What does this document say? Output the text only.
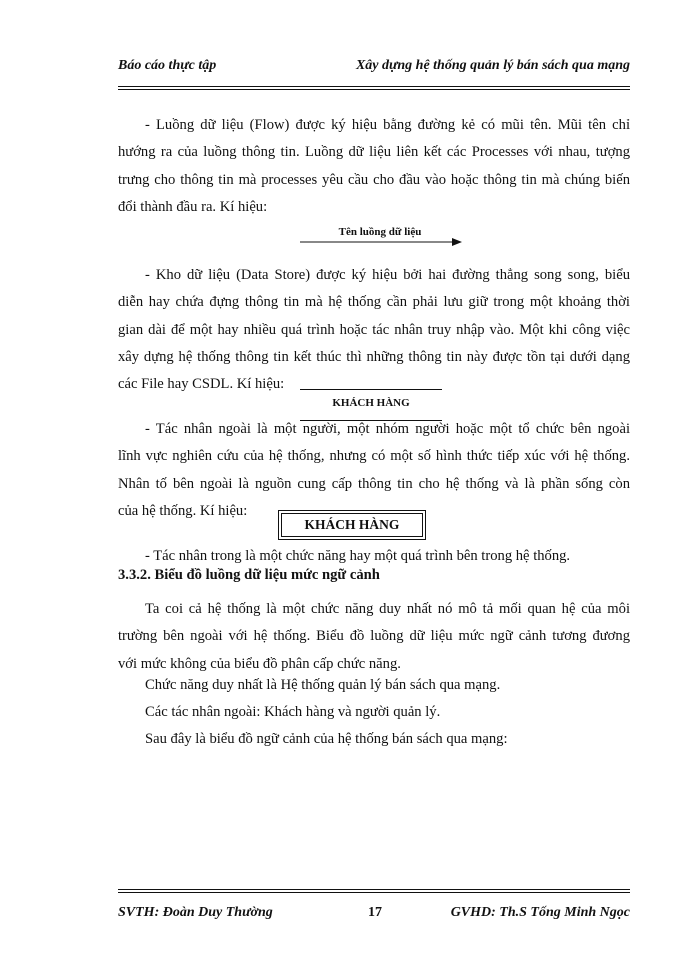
Báo cáo thực tập	Xây dựng hệ thống quản lý bán sách qua mạng
- Luồng dữ liệu (Flow) được ký hiệu bằng đường kẻ có mũi tên. Mũi tên chỉ
hướng ra của luồng thông tin. Luồng dữ liệu liên kết các Processes với nhau, tượng
trưng cho thông tin mà processes yêu cầu cho đầu vào hoặc thông tin mà chúng biến
đổi thành đầu ra. Kí hiệu:
Tên luồng dữ liệu
- Kho dữ liệu (Data Store) được ký hiệu bởi hai đường thẳng song song, biểu
diễn hay chứa đựng thông tin mà hệ thống cần phải lưu giữ trong một khoảng thời
gian dài để một hay nhiều quá trình hoặc tác nhân truy nhập vào. Một khi công việc
xây dựng hệ thống thông tin kết thúc thì những thông tin này được tồn tại dưới dạng
các File hay CSDL. Kí hiệu:
KHÁCH HÀNG
- Tác nhân ngoài là một người, một nhóm người hoặc một tổ chức bên ngoài
lĩnh vực nghiên cứu của hệ thống, nhưng có một số hình thức tiếp xúc với hệ thống.
Nhân tố bên ngoài là nguồn cung cấp thông tin cho hệ thống và là phần sống còn
của hệ thống. Kí hiệu:
KHÁCH HÀNG
- Tác nhân trong là một chức năng hay một quá trình bên trong hệ thống.
3.3.2. Biểu đồ luồng dữ liệu mức ngữ cảnh
Ta coi cả hệ thống là một chức năng duy nhất nó mô tả mối quan hệ của môi
trường bên ngoài với hệ thống. Biểu đồ luồng dữ liệu mức ngữ cảnh tương đương
với mức không của biểu đồ phân cấp chức năng.
Chức năng duy nhất là Hệ thống quản lý bán sách qua mạng.
Các tác nhân ngoài: Khách hàng và người quản lý.
Sau đây là biểu đồ ngữ cảnh của hệ thống bán sách qua mạng:
SVTH: Đoàn Duy Thường	17	GVHD: Th.S Tống Minh Ngọc
